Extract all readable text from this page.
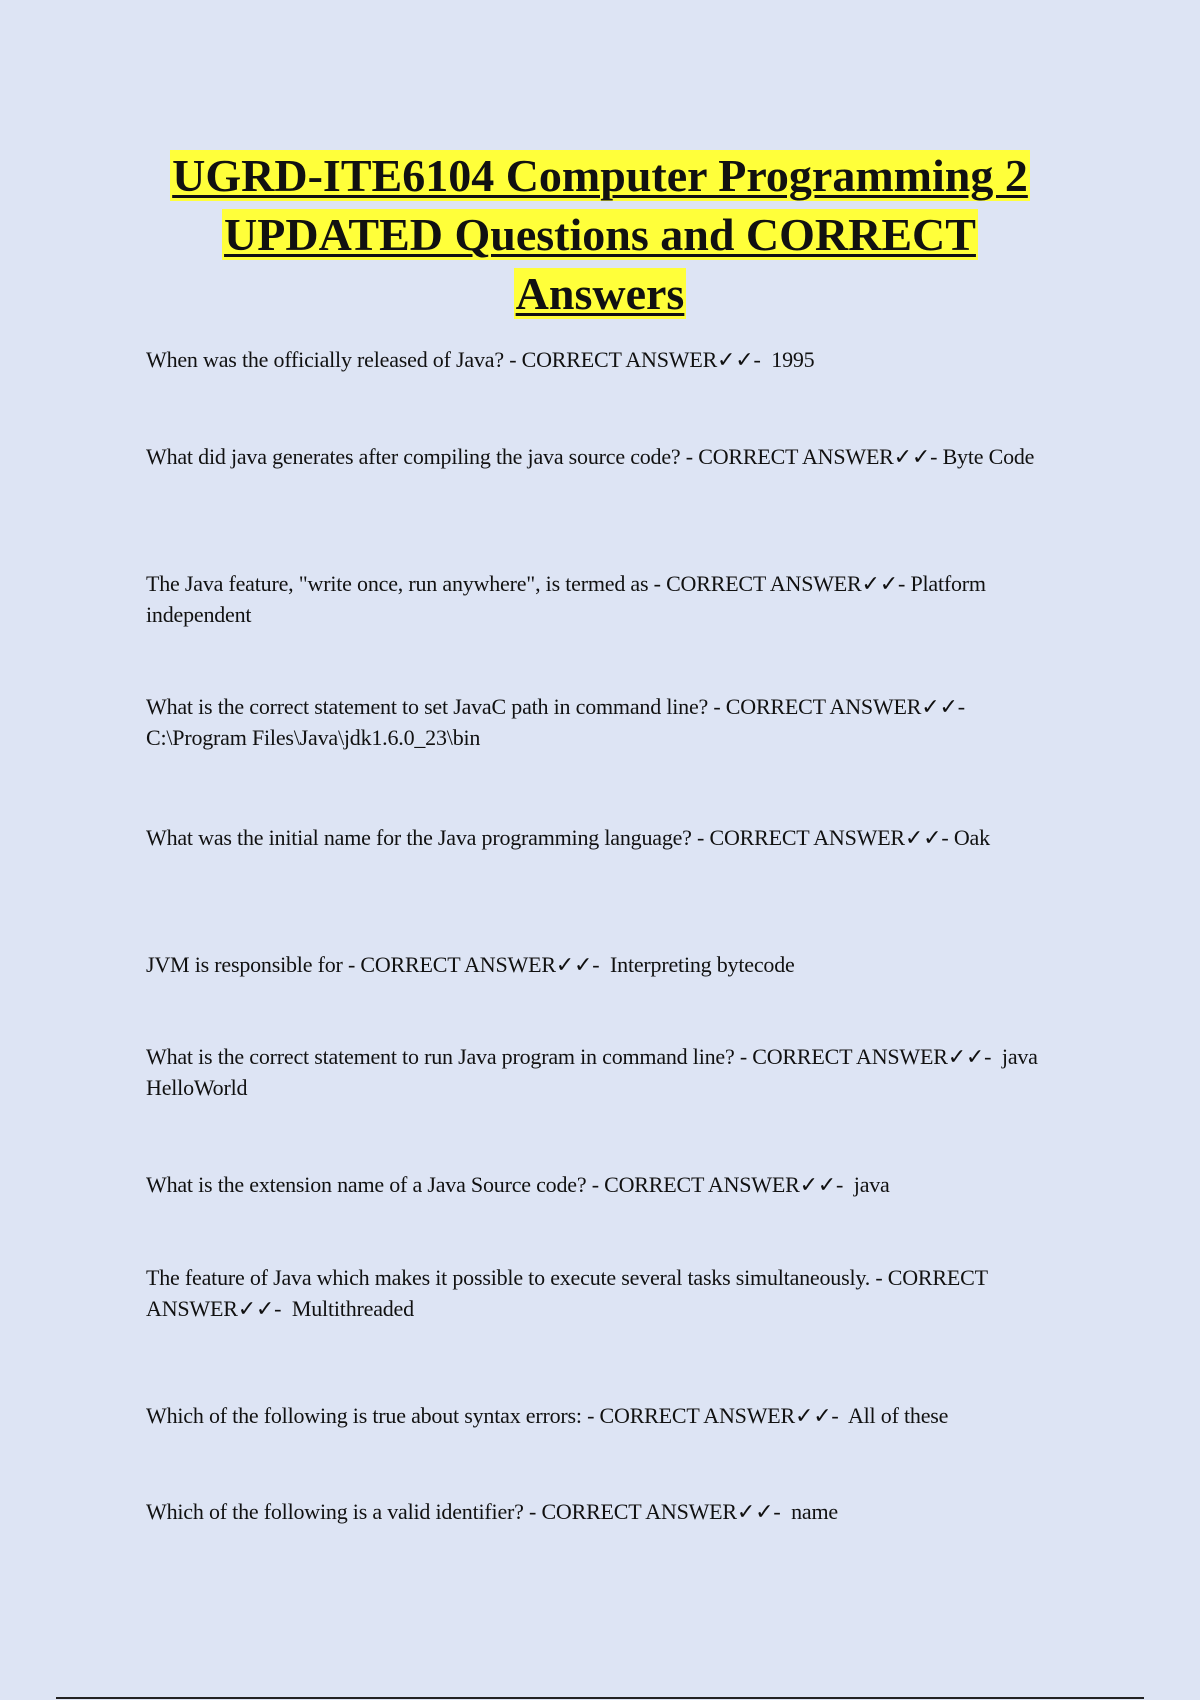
UGRD-ITE6104 Computer Programming 2
UPDATED Questions and CORRECT
Answers
When was the officially released of Java? - CORRECT ANSWER✓✓- 1995
What did java generates after compiling the java source code? - CORRECT ANSWER✓✓- Byte Code
The Java feature, "write once, run anywhere", is termed as - CORRECT ANSWER✓✓- Platform independent
What is the correct statement to set JavaC path in command line? - CORRECT ANSWER✓✓-  C:\Program Files\Java\jdk1.6.0_23\bin
What was the initial name for the Java programming language? - CORRECT ANSWER✓✓- Oak
JVM is responsible for - CORRECT ANSWER✓✓- Interpreting bytecode
What is the correct statement to run Java program in command line? - CORRECT ANSWER✓✓- java HelloWorld
What is the extension name of a Java Source code? - CORRECT ANSWER✓✓- java
The feature of Java which makes it possible to execute several tasks simultaneously. - CORRECT ANSWER✓✓- Multithreaded
Which of the following is true about syntax errors: - CORRECT ANSWER✓✓- All of these
Which of the following is a valid identifier? - CORRECT ANSWER✓✓- name
